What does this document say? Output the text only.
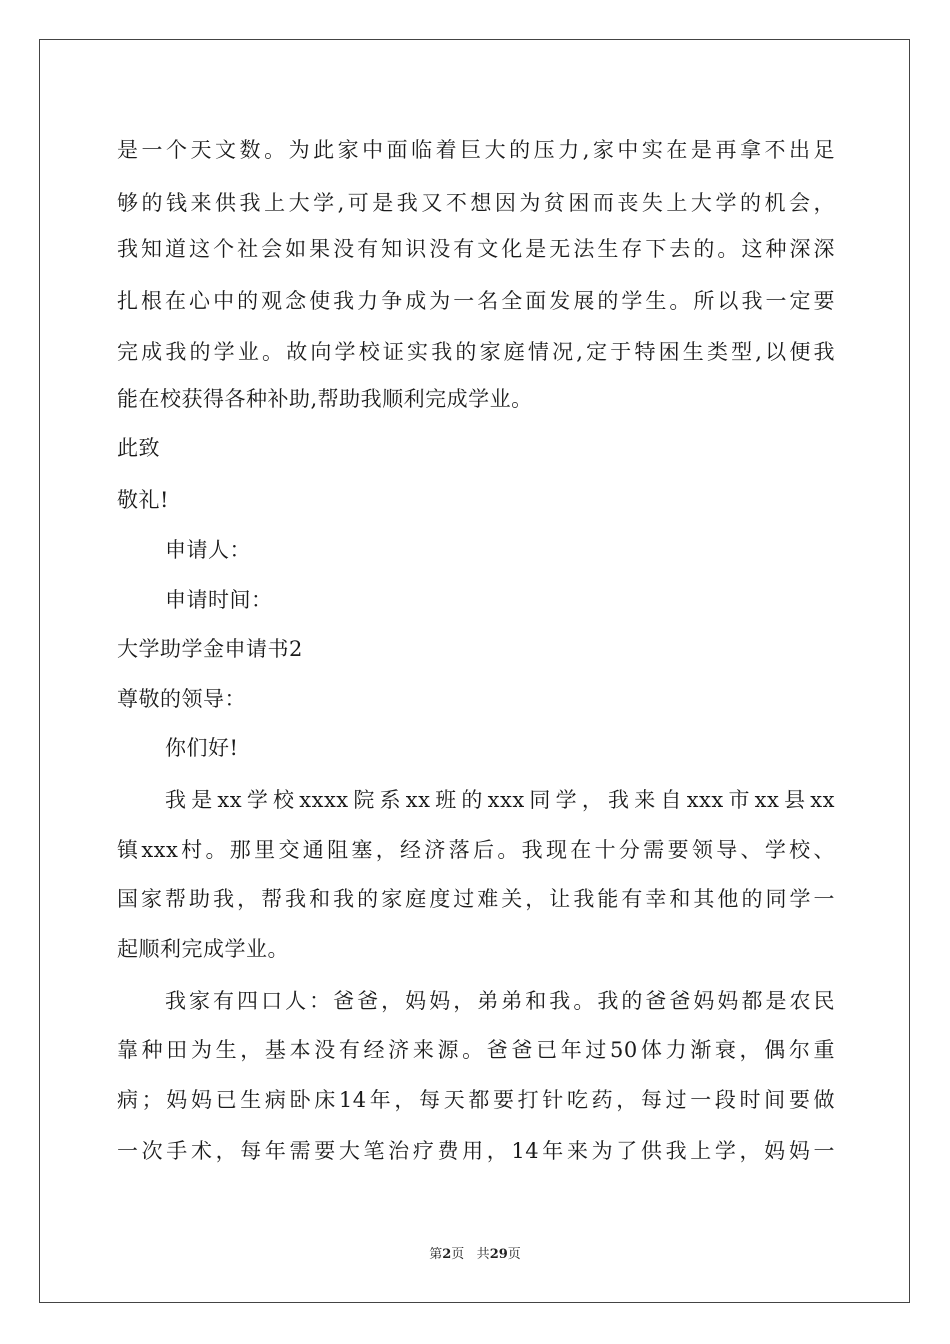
是一个天文数。为此家中面临着巨大的压力,家中实在是再拿不出足
够的钱来供我上大学,可是我又不想因为贫困而丧失上大学的机会，
我知道这个社会如果没有知识没有文化是无法生存下去的。这种深深
扎根在心中的观念使我力争成为一名全面发展的学生。所以我一定要
完成我的学业。故向学校证实我的家庭情况,定于特困生类型,以便我
能在校获得各种补助,帮助我顺利完成学业。
此致
敬礼!
申请人：
申请时间：
大学助学金申请书2
尊敬的领导：
你们好!
我是xx学校xxxx院系xx班的xxx同学，我来自xxx市xx县xx
镇xxx村。那里交通阻塞，经济落后。我现在十分需要领导、学校、
国家帮助我，帮我和我的家庭度过难关，让我能有幸和其他的同学一
起顺利完成学业。
我家有四口人：爸爸，妈妈，弟弟和我。我的爸爸妈妈都是农民
靠种田为生，基本没有经济来源。爸爸已年过50体力渐衰，偶尔重
病；妈妈已生病卧床14年，每天都要打针吃药，每过一段时间要做
一次手术，每年需要大笔治疗费用，14年来为了供我上学，妈妈一
第2页 共29页
